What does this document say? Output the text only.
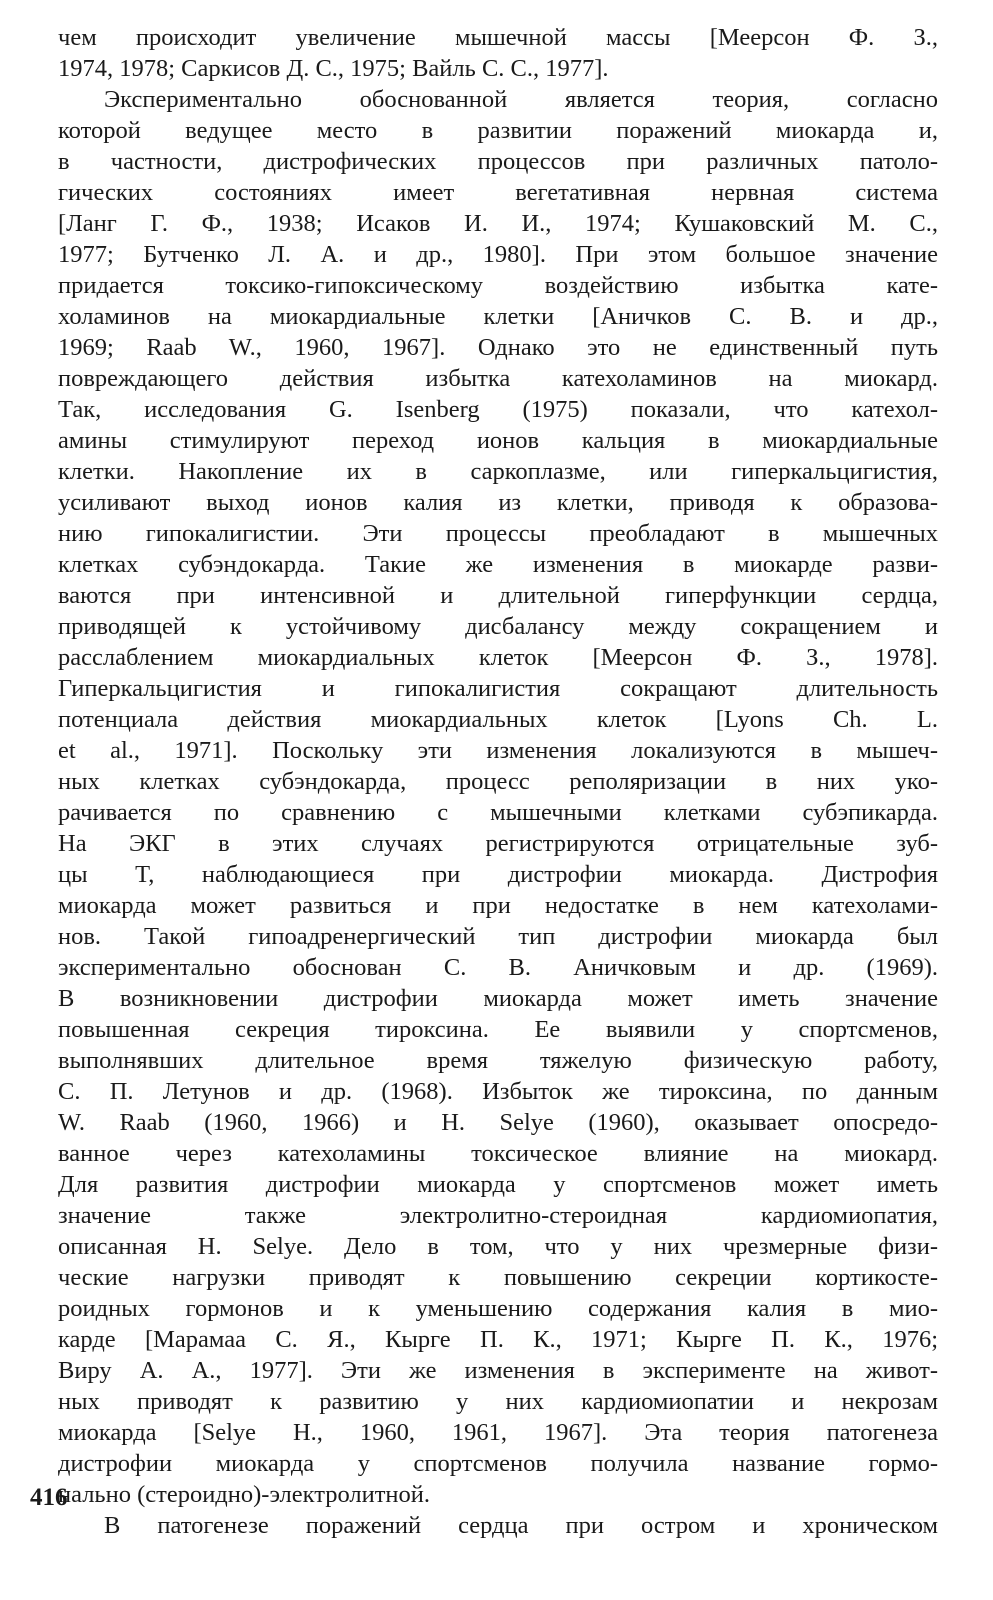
чем происходит увеличение мышечной массы [Меерсон Ф. З.,
1974, 1978; Саркисов Д. С., 1975; Вайль С. С., 1977].
Экспериментально обоснованной является теория, согласно
которой ведущее место в развитии поражений миокарда и,
в частности, дистрофических процессов при различных патоло-
гических состояниях имеет вегетативная нервная система
[Ланг Г. Ф., 1938; Исаков И. И., 1974; Кушаковский М. С.,
1977; Бутченко Л. А. и др., 1980]. При этом большое значение
придается токсико-гипоксическому воздействию избытка кате-
холаминов на миокардиальные клетки [Аничков С. В. и др.,
1969; Raab W., 1960, 1967]. Однако это не единственный путь
повреждающего действия избытка катехоламинов на миокард.
Так, исследования G. Isenberg (1975) показали, что катехол-
амины стимулируют переход ионов кальция в миокардиальные
клетки. Накопление их в саркоплазме, или гиперкальцигистия,
усиливают выход ионов калия из клетки, приводя к образова-
нию гипокалигистии. Эти процессы преобладают в мышечных
клетках субэндокарда. Такие же изменения в миокарде разви-
ваются при интенсивной и длительной гиперфункции сердца,
приводящей к устойчивому дисбалансу между сокращением и
расслаблением миокардиальных клеток [Меерсон Ф. З., 1978].
Гиперкальцигистия и гипокалигистия сокращают длительность
потенциала действия миокардиальных клеток [Lyons Ch. L.
et al., 1971]. Поскольку эти изменения локализуются в мышеч-
ных клетках субэндокарда, процесс реполяризации в них уко-
рачивается по сравнению с мышечными клетками субэпикарда.
На ЭКГ в этих случаях регистрируются отрицательные зуб-
цы T, наблюдающиеся при дистрофии миокарда. Дистрофия
миокарда может развиться и при недостатке в нем катехолами-
нов. Такой гипоадренергический тип дистрофии миокарда был
экспериментально обоснован С. В. Аничковым и др. (1969).
В возникновении дистрофии миокарда может иметь значение
повышенная секреция тироксина. Ее выявили у спортсменов,
выполнявших длительное время тяжелую физическую работу,
С. П. Летунов и др. (1968). Избыток же тироксина, по данным
W. Raab (1960, 1966) и H. Selye (1960), оказывает опосредо-
ванное через катехоламины токсическое влияние на миокард.
Для развития дистрофии миокарда у спортсменов может иметь
значение также электролитно-стероидная кардиомиопатия,
описанная H. Selye. Дело в том, что у них чрезмерные физи-
ческие нагрузки приводят к повышению секреции кортикосте-
роидных гормонов и к уменьшению содержания калия в мио-
карде [Марамаа С. Я., Кырге П. К., 1971; Кырге П. К., 1976;
Виру А. А., 1977]. Эти же изменения в эксперименте на живот-
ных приводят к развитию у них кардиомиопатии и некрозам
миокарда [Selye H., 1960, 1961, 1967]. Эта теория патогенеза
дистрофии миокарда у спортсменов получила название гормо-
нально (стероидно)-электролитной.
В патогенезе поражений сердца при остром и хроническом
416
